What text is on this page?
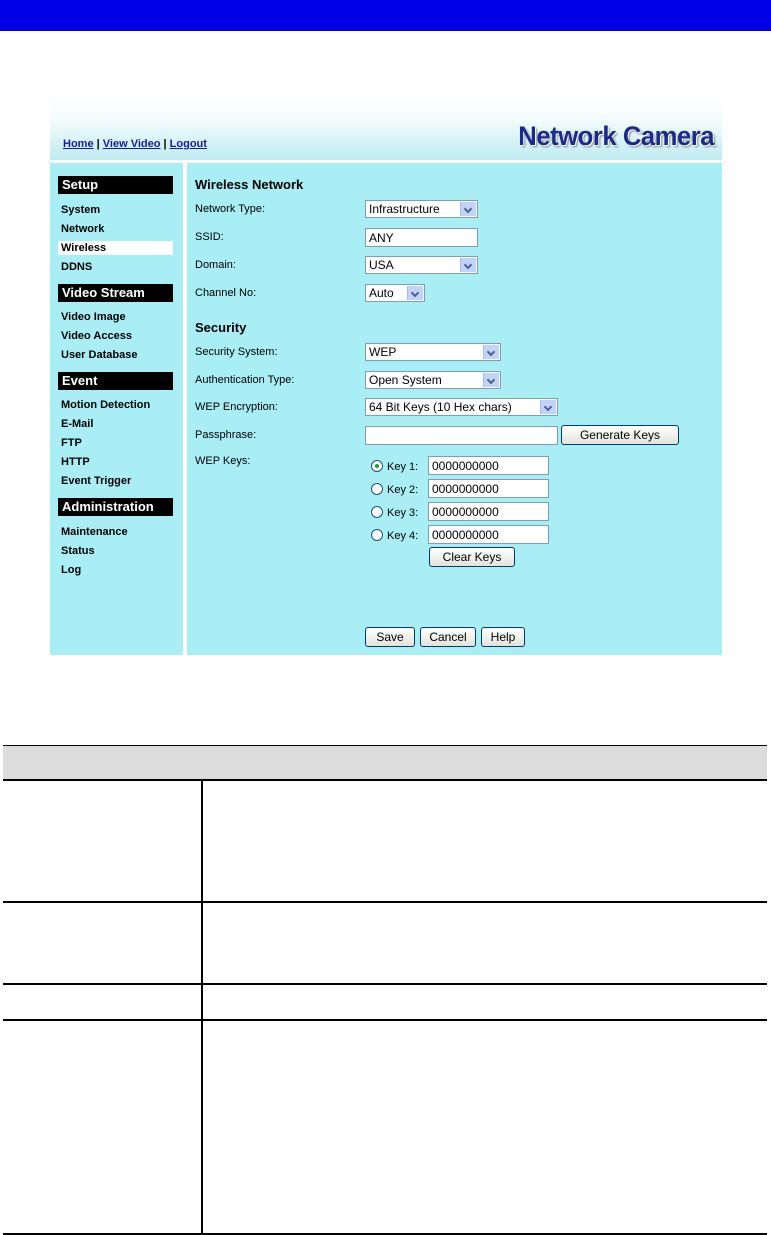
Home | View Video | Logout	Network Camera
Setup
System
Network
Wireless
DDNS
Video Stream
Video Image
Video Access
User Database
Event
Motion Detection
E-Mail
FTP
HTTP
Event Trigger
Administration
Maintenance
Status
Log
Wireless Network
Network Type:	Infrastructure
SSID:
ANY
Domain:	USA
Channel No:	Auto
Security
Security System:	WEP
Authentication Type:	Open System
WEP Encryption:	64 Bit Keys (10 Hex chars)
Passphrase:	Generate Keys
WEP Keys:	Key 1:
0000000000
Key 2:
0000000000
Key 3:
0000000000
Key 4:
0000000000
Clear Keys
Save	Cancel	Help
